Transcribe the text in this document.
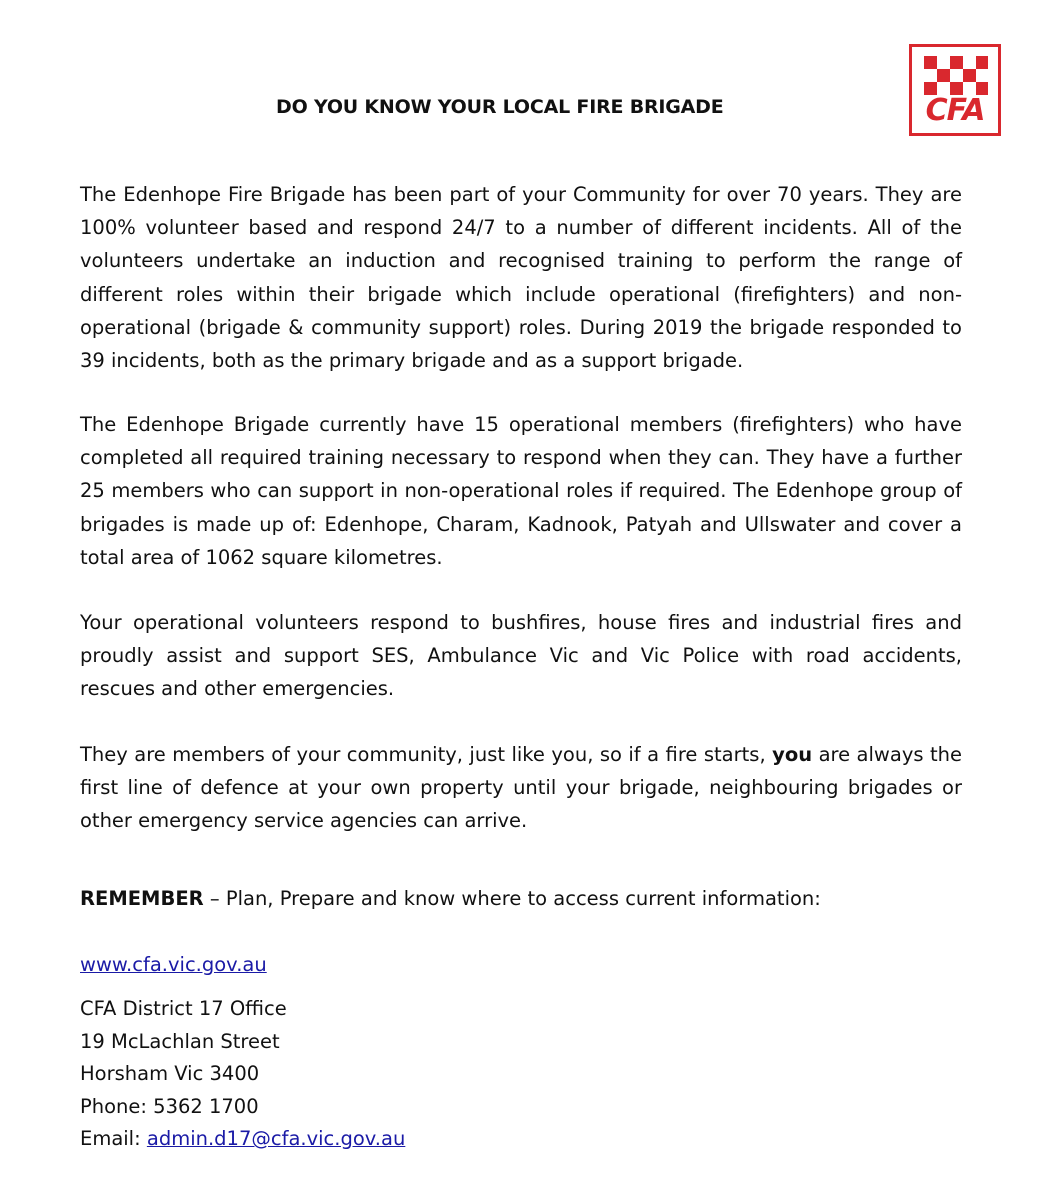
DO YOU KNOW YOUR LOCAL FIRE BRIGADE	CFA

The Edenhope Fire Brigade has been part of your Community for over 70 years. They are 100% volunteer based and respond 24/7 to a number of different incidents. All of the volunteers undertake an induction and recognised training to perform the range of different roles within their brigade which include operational (firefighters) and non-operational (brigade & community support) roles. During 2019 the brigade responded to 39 incidents, both as the primary brigade and as a support brigade.

The Edenhope Brigade currently have 15 operational members (firefighters) who have completed all required training necessary to respond when they can. They have a further 25 members who can support in non-operational roles if required. The Edenhope group of brigades is made up of: Edenhope, Charam, Kadnook, Patyah and Ullswater and cover a total area of 1062 square kilometres.

Your operational volunteers respond to bushfires, house fires and industrial fires and proudly assist and support SES, Ambulance Vic and Vic Police with road accidents, rescues and other emergencies.

They are members of your community, just like you, so if a fire starts, you are always the first line of defence at your own property until your brigade, neighbouring brigades or other emergency service agencies can arrive.

REMEMBER – Plan, Prepare and know where to access current information:

www.cfa.vic.gov.au
CFA District 17 Office
19 McLachlan Street
Horsham Vic 3400
Phone: 5362 1700
Email: admin.d17@cfa.vic.gov.au
